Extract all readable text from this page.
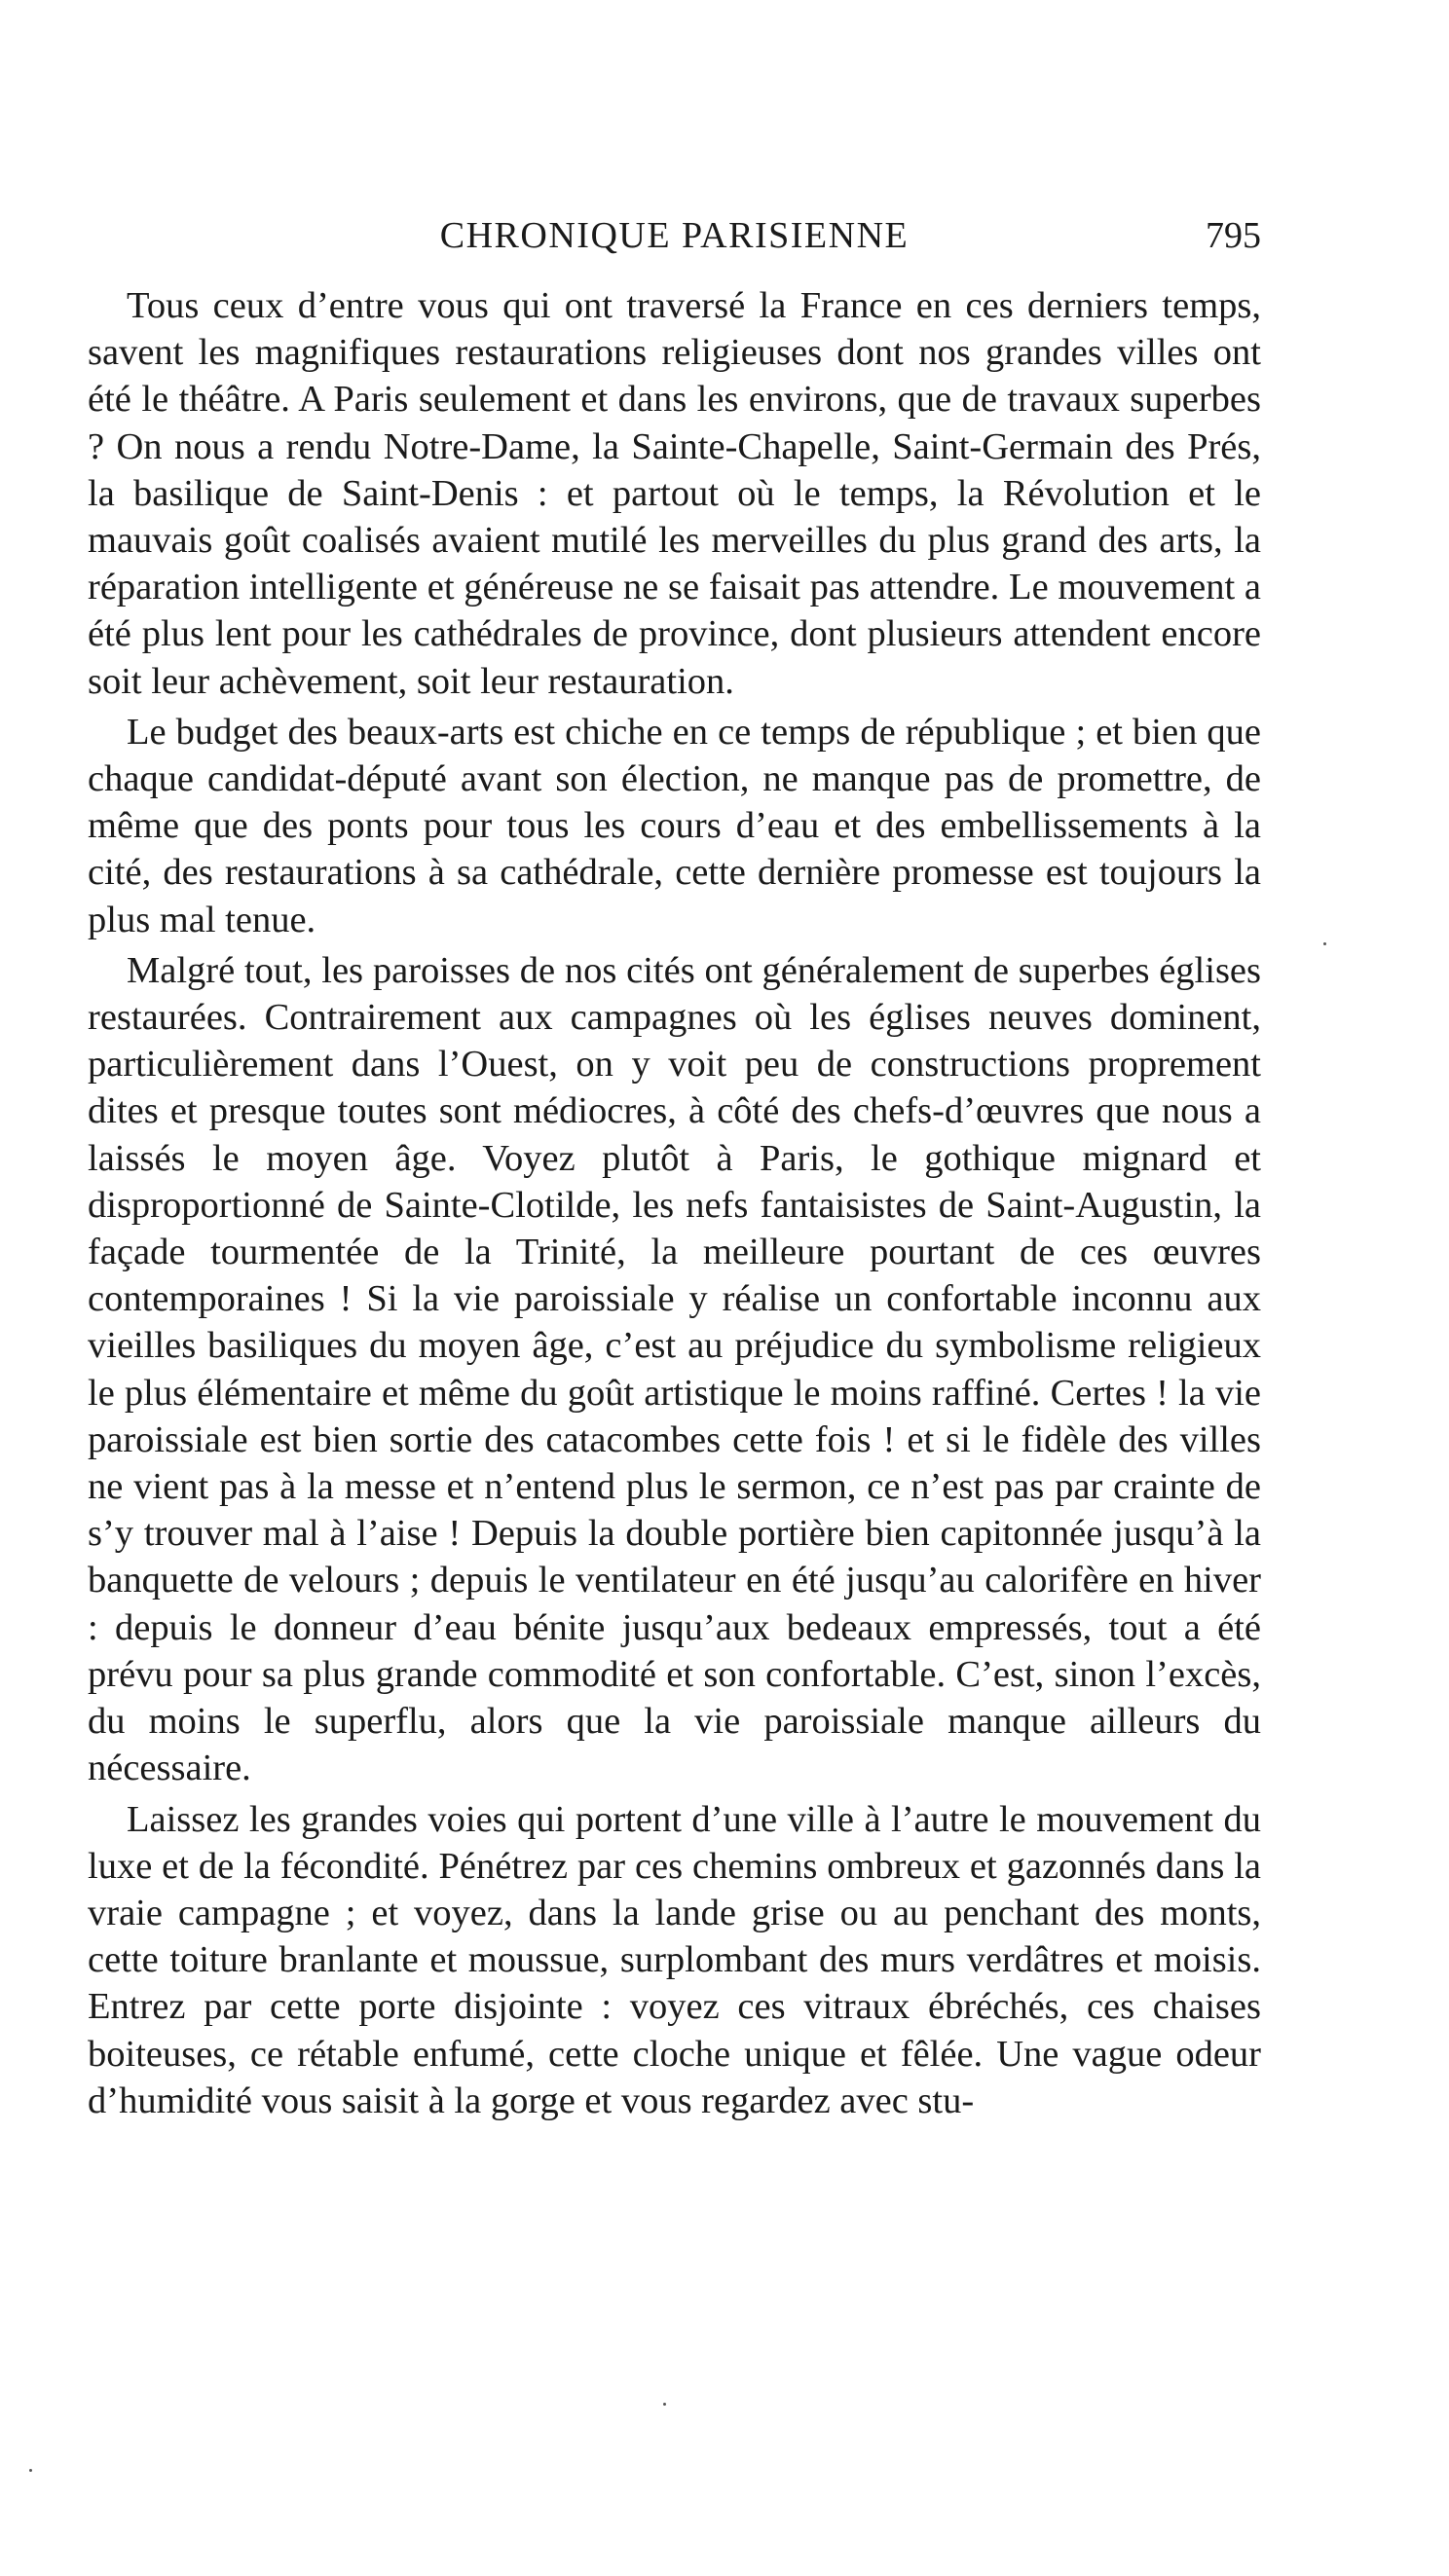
CHRONIQUE PARISIENNE	795

Tous ceux d’entre vous qui ont traversé la France en ces derniers temps, savent les magnifiques restaurations religieuses dont nos grandes villes ont été le théâtre. A Paris seulement et dans les environs, que de travaux superbes ? On nous a rendu Notre-Dame, la Sainte-Chapelle, Saint-Germain des Prés, la basilique de Saint-Denis : et partout où le temps, la Révolution et le mauvais goût coalisés avaient mutilé les merveilles du plus grand des arts, la réparation intelligente et généreuse ne se faisait pas attendre. Le mouvement a été plus lent pour les cathédrales de province, dont plusieurs attendent encore soit leur achèvement, soit leur restauration.

Le budget des beaux-arts est chiche en ce temps de république ; et bien que chaque candidat-député avant son élection, ne manque pas de promettre, de même que des ponts pour tous les cours d’eau et des embellissements à la cité, des restaurations à sa cathédrale, cette dernière promesse est toujours la plus mal tenue.

Malgré tout, les paroisses de nos cités ont généralement de superbes églises restaurées. Contrairement aux campagnes où les églises neuves dominent, particulièrement dans l’Ouest, on y voit peu de constructions proprement dites et presque toutes sont médiocres, à côté des chefs-d’œuvres que nous a laissés le moyen âge. Voyez plutôt à Paris, le gothique mignard et disproportionné de Sainte-Clotilde, les nefs fantaisistes de Saint-Augustin, la façade tourmentée de la Trinité, la meilleure pourtant de ces œuvres contemporaines ! Si la vie paroissiale y réalise un confortable inconnu aux vieilles basiliques du moyen âge, c’est au préjudice du symbolisme religieux le plus élémentaire et même du goût artistique le moins raffiné. Certes ! la vie paroissiale est bien sortie des catacombes cette fois ! et si le fidèle des villes ne vient pas à la messe et n’entend plus le sermon, ce n’est pas par crainte de s’y trouver mal à l’aise ! Depuis la double portière bien capitonnée jusqu’à la banquette de velours ; depuis le ventilateur en été jusqu’au calorifère en hiver : depuis le donneur d’eau bénite jusqu’aux bedeaux empressés, tout a été prévu pour sa plus grande commodité et son confortable. C’est, sinon l’excès, du moins le superflu, alors que la vie paroissiale manque ailleurs du nécessaire.

Laissez les grandes voies qui portent d’une ville à l’autre le mouvement du luxe et de la fécondité. Pénétrez par ces chemins ombreux et gazonnés dans la vraie campagne ; et voyez, dans la lande grise ou au penchant des monts, cette toiture branlante et moussue, surplombant des murs verdâtres et moisis. Entrez par cette porte disjointe : voyez ces vitraux ébréchés, ces chaises boiteuses, ce rétable enfumé, cette cloche unique et fêlée. Une vague odeur d’humidité vous saisit à la gorge et vous regardez avec stu-
